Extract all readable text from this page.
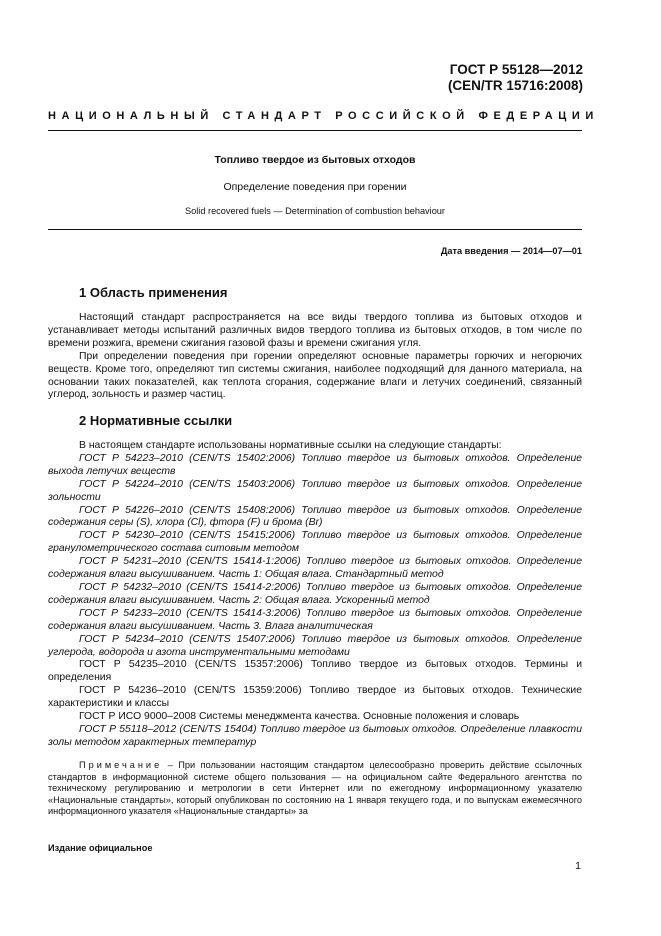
ГОСТ Р 55128—2012
(CEN/TR 15716:2008)
НАЦИОНАЛЬНЫЙ СТАНДАРТ РОССИЙСКОЙ ФЕДЕРАЦИИ
Топливо твердое из бытовых отходов
Определение поведения при горении
Solid recovered fuels — Determination of combustion behaviour
Дата введения — 2014—07—01
1 Область применения

Настоящий стандарт распространяется на все виды твердого топлива из бытовых отходов и устанавливает методы испытаний различных видов твердого топлива из бытовых отходов, в том числе по времени розжига, времени сжигания газовой фазы и времени сжигания угля.

При определении поведения при горении определяют основные параметры горючих и негорючих веществ. Кроме того, определяют тип системы сжигания, наиболее подходящий для данного материала, на основании таких показателей, как теплота сгорания, содержание влаги и летучих соединений, связанный углерод, зольность и размер частиц.

2 Нормативные ссылки

В настоящем стандарте использованы нормативные ссылки на следующие стандарты:

ГОСТ Р 54223–2010 (CEN/TS 15402:2006) Топливо твердое из бытовых отходов. Определение выхода летучих веществ

ГОСТ Р 54224–2010 (CEN/TS 15403:2006) Топливо твердое из бытовых отходов. Определение зольности

ГОСТ Р 54226–2010 (CEN/TS 15408:2006) Топливо твердое из бытовых отходов. Определение содержания серы (S), хлора (Cl), фтора (F) и брома (Br)

ГОСТ Р 54230–2010 (CEN/TS 15415:2006) Топливо твердое из бытовых отходов. Определение гранулометрического состава ситовым методом

ГОСТ Р 54231–2010 (CEN/TS 15414-1:2006) Топливо твердое из бытовых отходов. Определение содержания влаги высушиванием. Часть 1: Общая влага. Стандартный метод

ГОСТ Р 54232–2010 (CEN/TS 15414-2:2006) Топливо твердое из бытовых отходов. Определение содержания влаги высушиванием. Часть 2: Общая влага. Ускоренный метод

ГОСТ Р 54233–2010 (CEN/TS 15414-3:2006) Топливо твердое из бытовых отходов. Определение содержания влаги высушиванием. Часть 3. Влага аналитическая

ГОСТ Р 54234–2010 (CEN/TS 15407:2006) Топливо твердое из бытовых отходов. Определение углерода, водорода и азота инструментальными методами

ГОСТ Р 54235–2010 (CEN/TS 15357:2006) Топливо твердое из бытовых отходов. Термины и определения

ГОСТ Р 54236–2010 (CEN/TS 15359:2006) Топливо твердое из бытовых отходов. Технические характеристики и классы

ГОСТ Р ИСО 9000–2008 Системы менеджмента качества. Основные положения и словарь

ГОСТ Р 55118–2012 (CEN/TS 15404) Топливо твердое из бытовых отходов. Определение плавкости золы методом характерных температур

Примечание – При пользовании настоящим стандартом целесообразно проверить действие ссылочных стандартов в информационной системе общего пользования — на официальном сайте Федерального агентства по техническому регулированию и метрологии в сети Интернет или по ежегодному информационному указателю «Национальные стандарты», который опубликован по состоянию на 1 января текущего года, и по выпускам ежемесячного информационного указателя «Национальные стандарты» за
Издание официальное
1
